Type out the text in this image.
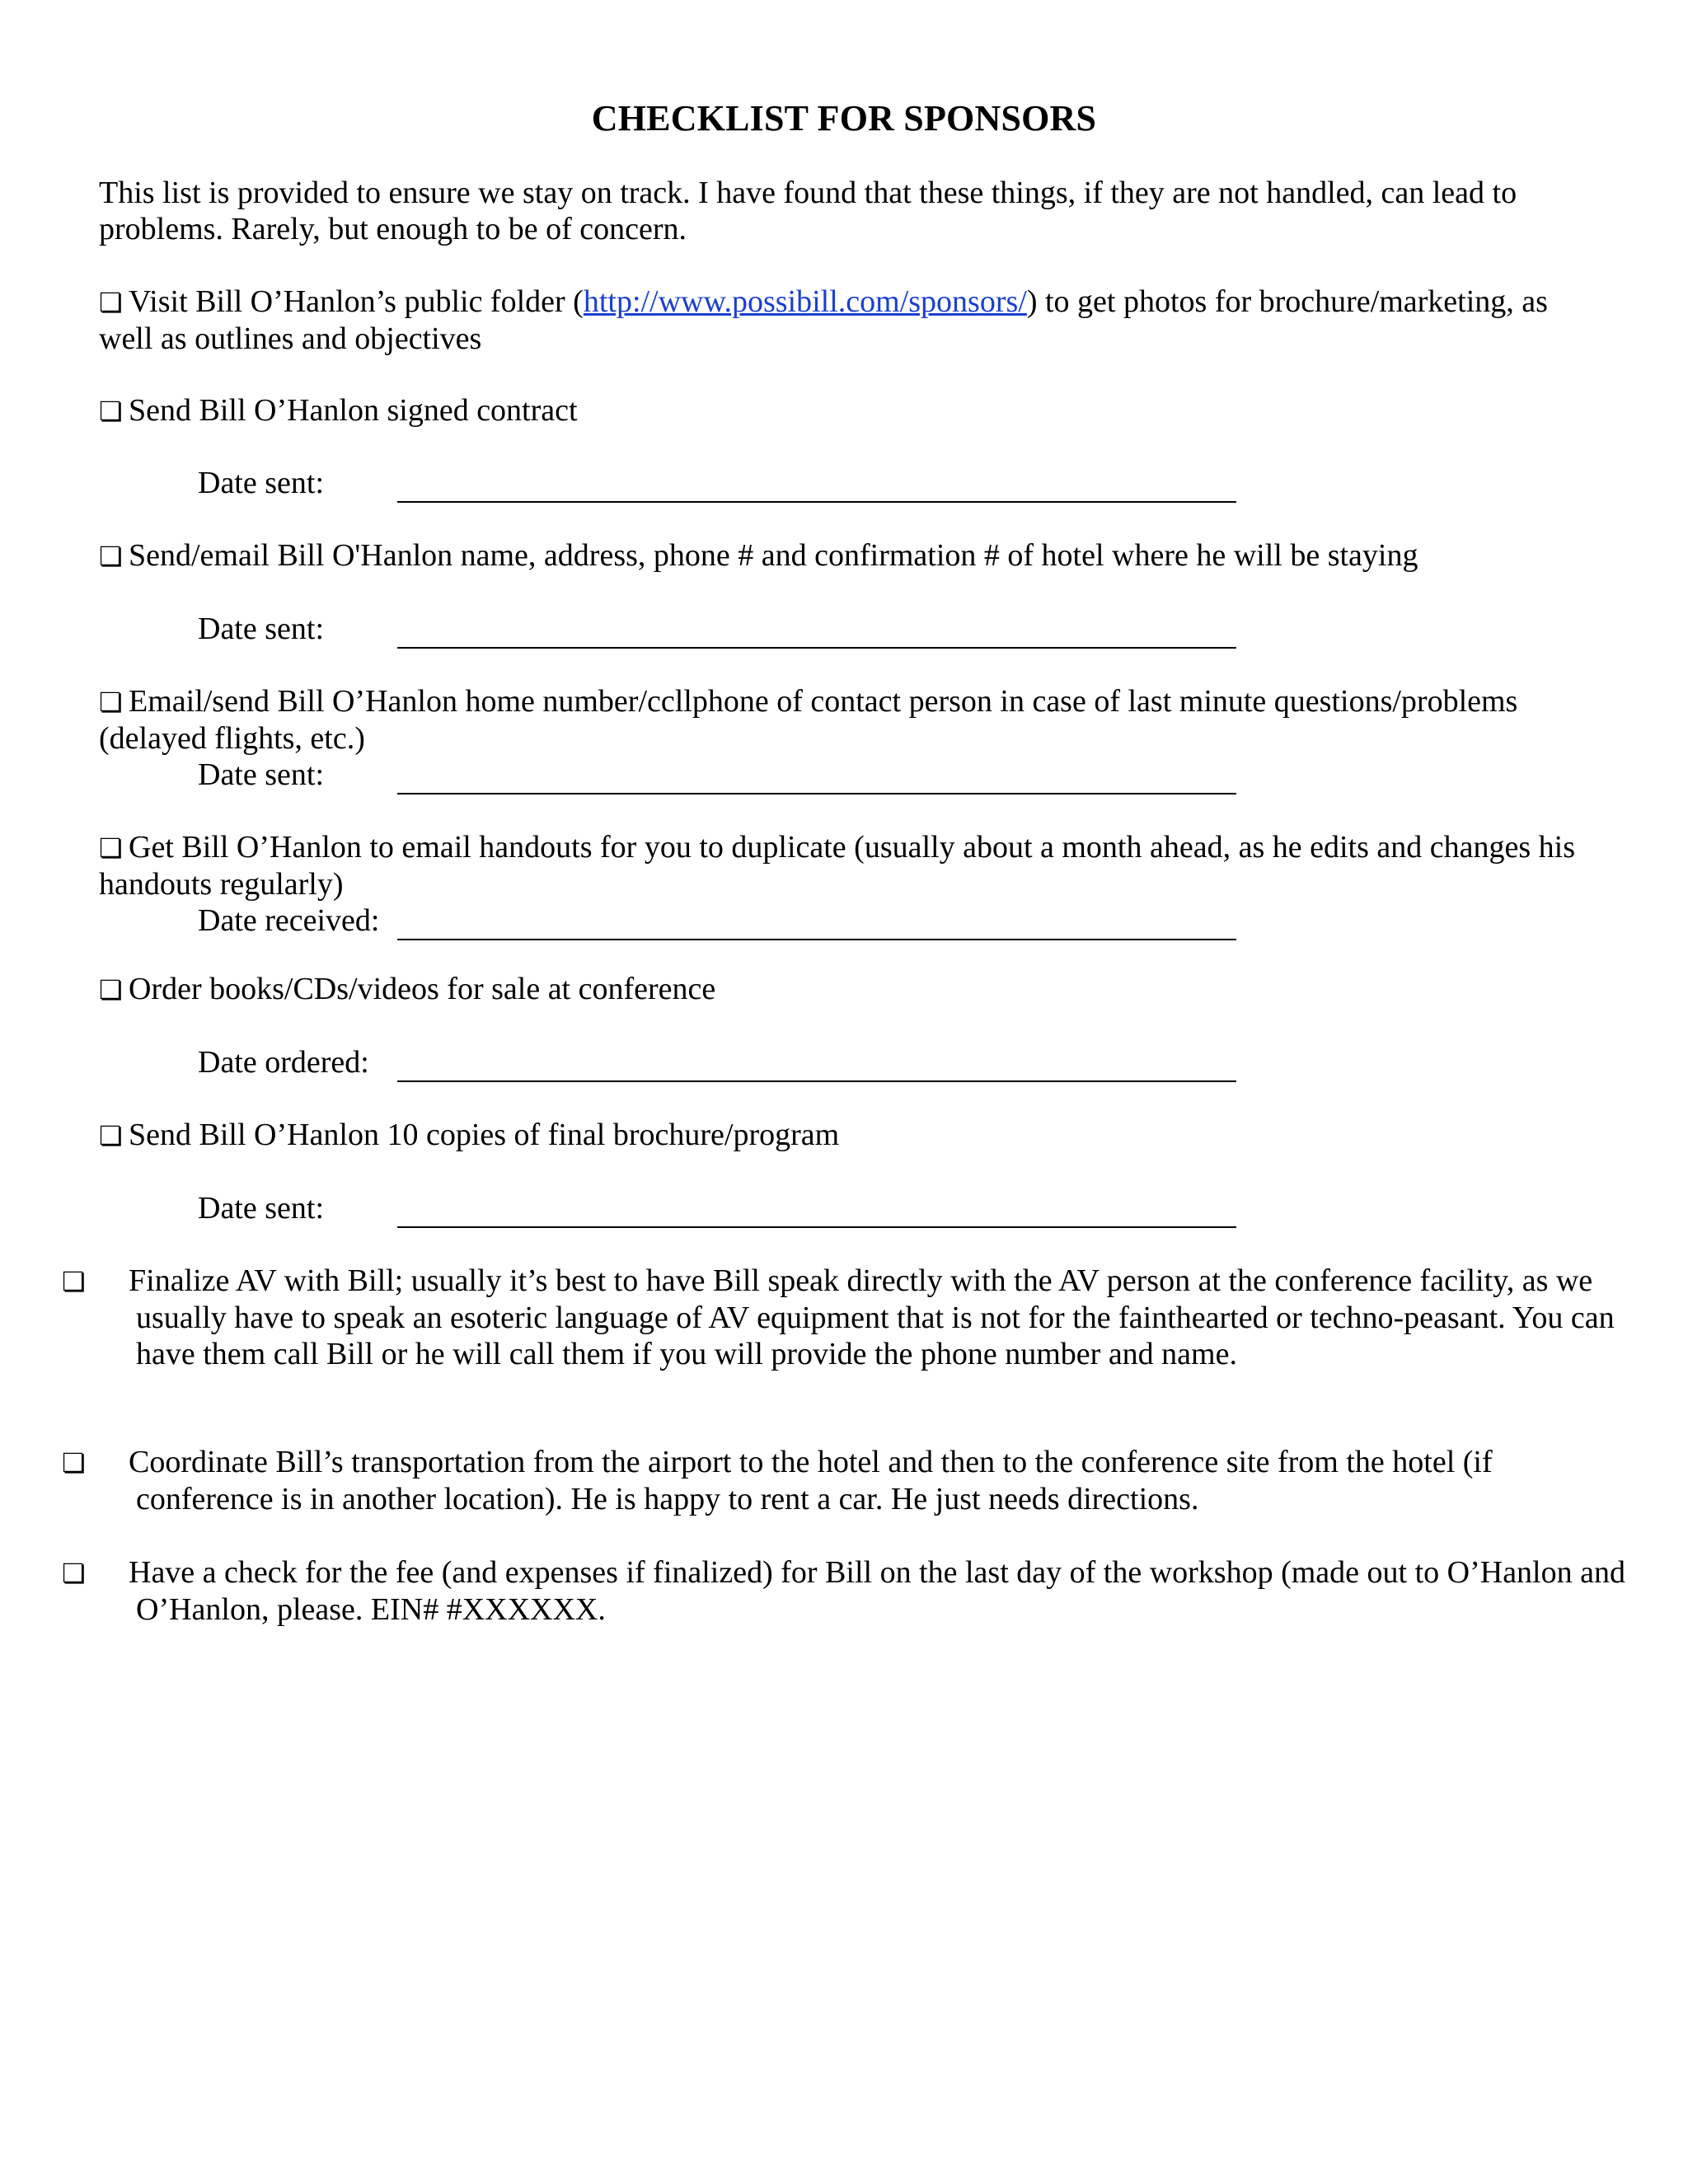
CHECKLIST FOR SPONSORS
This list is provided to ensure we stay on track. I have found that these things, if they are not handled, can lead to problems. Rarely, but enough to be of concern.
❏ Visit Bill O’Hanlon’s public folder (http://www.possibill.com/sponsors/) to get photos for brochure/marketing, as well as outlines and objectives
❏ Send Bill O’Hanlon signed contract
Date sent:
❏ Send/email Bill O'Hanlon name, address, phone # and confirmation # of hotel where he will be staying
Date sent:
❏ Email/send Bill O’Hanlon home number/ccllphone of contact person in case of last minute questions/problems (delayed flights, etc.)
Date sent:
❏ Get Bill O’Hanlon to email handouts for you to duplicate (usually about a month ahead, as he edits and changes his handouts regularly)
Date received:
❏ Order books/CDs/videos for sale at conference
Date ordered:
❏ Send Bill O’Hanlon 10 copies of final brochure/program
Date sent:
❏ Finalize AV with Bill; usually it’s best to have Bill speak directly with the AV person at the conference facility, as we usually have to speak an esoteric language of AV equipment that is not for the fainthearted or techno-peasant. You can have them call Bill or he will call them if you will provide the phone number and name.
❏ Coordinate Bill’s transportation from the airport to the hotel and then to the conference site from the hotel (if conference is in another location). He is happy to rent a car. He just needs directions.
❏ Have a check for the fee (and expenses if finalized) for Bill on the last day of the workshop (made out to O’Hanlon and O’Hanlon, please. EIN# #XXXXXX.
